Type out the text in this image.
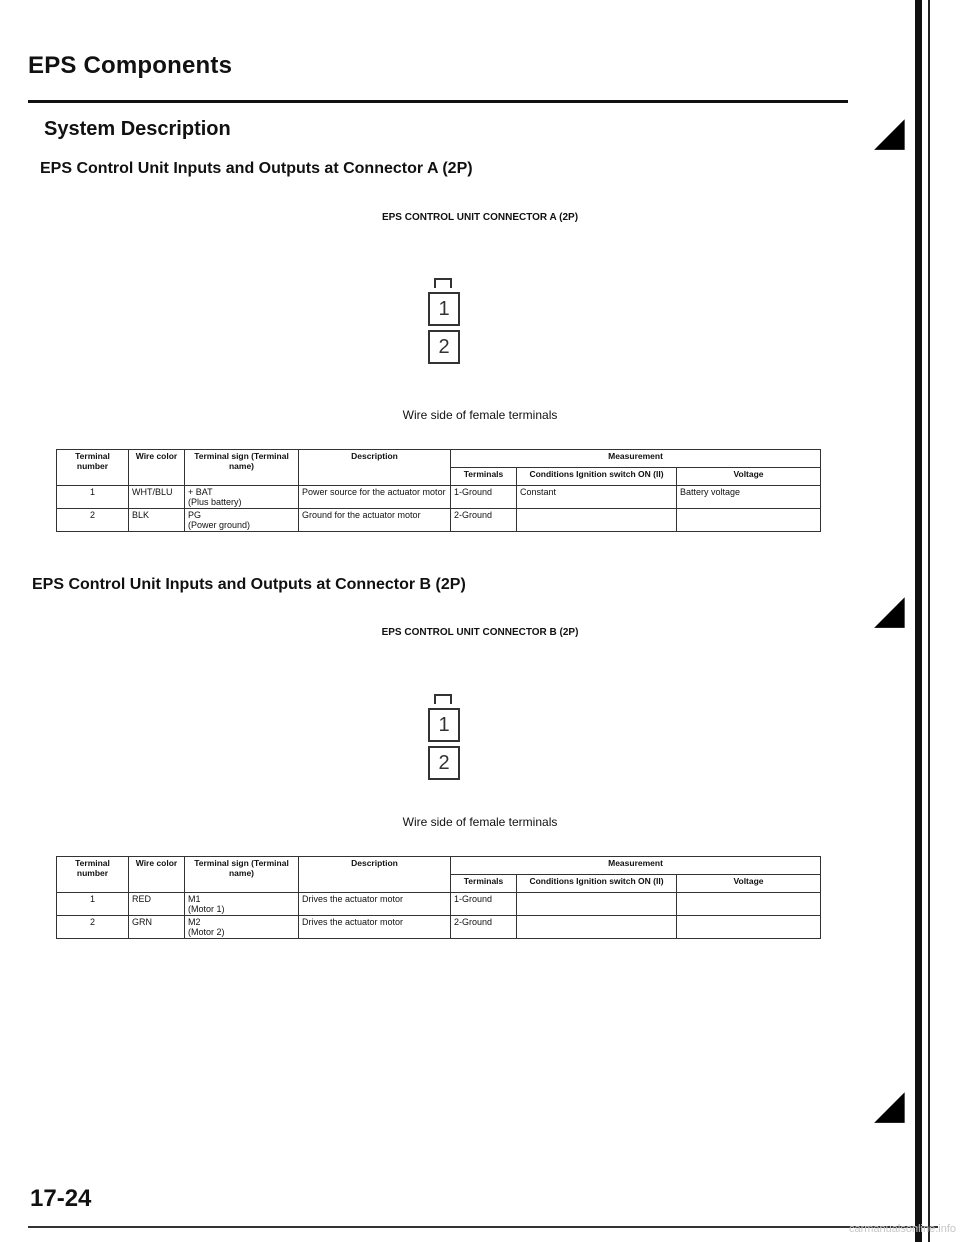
EPS Components
System Description	◢
◢
◢
EPS Control Unit Inputs and Outputs at Connector A (2P)
EPS CONTROL UNIT CONNECTOR A (2P)
1
2
Wire side of female terminals
Terminal number	Wire color	Terminal sign (Terminal name)	Description	Measurement		
				Terminals	Conditions Ignition switch ON (II)	Voltage
1	WHT/BLU	+ BAT
(Plus battery)	Power source for the actuator motor	1-Ground	Constant	Battery voltage
2	BLK	PG
(Power ground)	Ground for the actuator motor	2-Ground		
EPS Control Unit Inputs and Outputs at Connector B (2P)
EPS CONTROL UNIT CONNECTOR B (2P)
1
2
Wire side of female terminals
Terminal number	Wire color	Terminal sign (Terminal name)	Description	Measurement		
				Terminals	Conditions Ignition switch ON (II)	Voltage
1	RED	M1
(Motor 1)	Drives the actuator motor	1-Ground		
2	GRN	M2
(Motor 2)	Drives the actuator motor	2-Ground		
17-24
carmanualsonline.info
